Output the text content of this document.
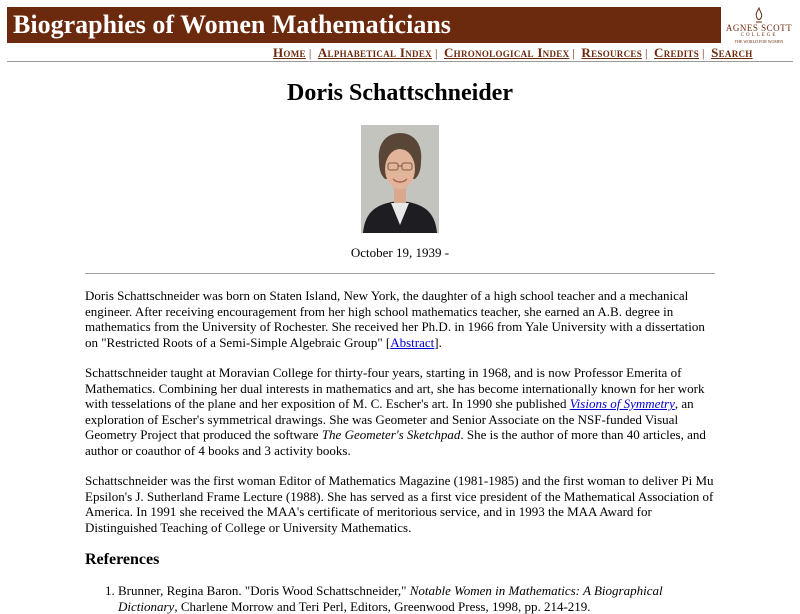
Biographies of Women Mathematicians	AGNES SCOTT
COLLEGE
THE WORLD FOR WOMEN
Home | Alphabetical Index | Chronological Index | Resources | Credits | Search
Doris Schattschneider
October 19, 1939 -

Doris Schattschneider was born on Staten Island, New York, the daughter of a high school teacher and a mechanical engineer. After receiving encouragement from her high school mathematics teacher, she earned an A.B. degree in mathematics from the University of Rochester. She received her Ph.D. in 1966 from Yale University with a dissertation on "Restricted Roots of a Semi-Simple Algebraic Group" [Abstract].

Schattschneider taught at Moravian College for thirty-four years, starting in 1968, and is now Professor Emerita of Mathematics. Combining her dual interests in mathematics and art, she has become internationally known for her work with tesselations of the plane and her exposition of M. C. Escher's art. In 1990 she published Visions of Symmetry, an exploration of Escher's symmetrical drawings. She was Geometer and Senior Associate on the NSF-funded Visual Geometry Project that produced the software The Geometer's Sketchpad. She is the author of more than 40 articles, and author or coauthor of 4 books and 3 activity books.

Schattschneider was the first woman Editor of Mathematics Magazine (1981-1985) and the first woman to deliver Pi Mu Epsilon's J. Sutherland Frame Lecture (1988). She has served as a first vice president of the Mathematical Association of America. In 1991 she received the MAA's certificate of meritorious service, and in 1993 the MAA Award for Distinguished Teaching of College or University Mathematics.

References
1. Brunner, Regina Baron. "Doris Wood Schattschneider," Notable Women in Mathematics: A Biographical Dictionary, Charlene Morrow and Teri Perl, Editors, Greenwood Press, 1998, pp. 214-219.
